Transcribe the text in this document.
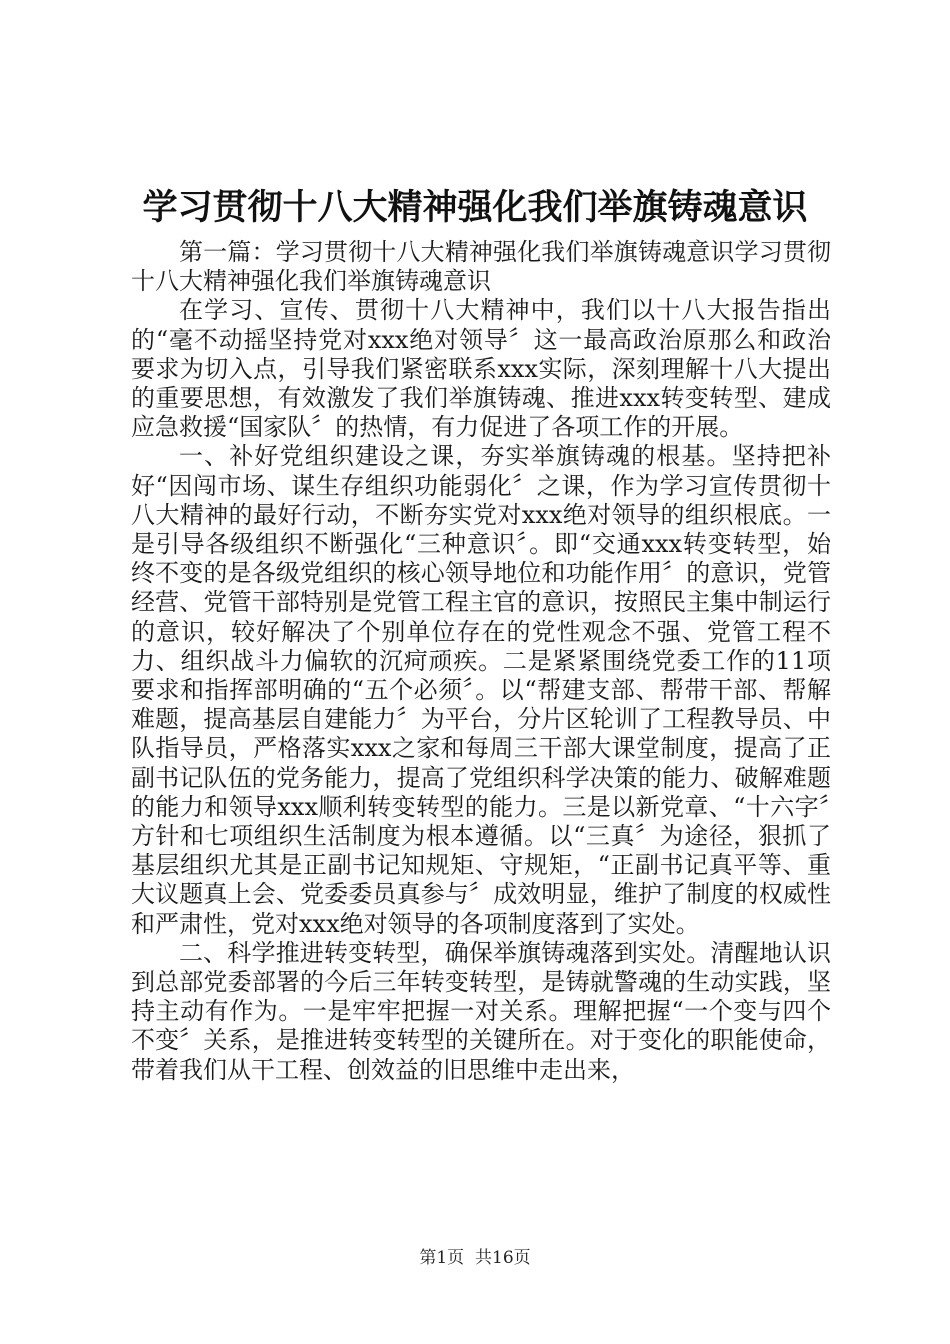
学习贯彻十八大精神强化我们举旗铸魂意识

第一篇：学习贯彻十八大精神强化我们举旗铸魂意识学习贯彻十八大精神强化我们举旗铸魂意识

在学习、宣传、贯彻十八大精神中，我们以十八大报告指出的“毫不动摇坚持党对xxx绝对领导〞这一最高政治原那么和政治要求为切入点，引导我们紧密联系xxx实际，深刻理解十八大提出的重要思想，有效激发了我们举旗铸魂、推进xxx转变转型、建成应急救援“国家队〞的热情，有力促进了各项工作的开展。

一、补好党组织建设之课，夯实举旗铸魂的根基。坚持把补好“因闯市场、谋生存组织功能弱化〞之课，作为学习宣传贯彻十八大精神的最好行动，不断夯实党对xxx绝对领导的组织根底。一是引导各级组织不断强化“三种意识〞。即“交通xxx转变转型，始终不变的是各级党组织的核心领导地位和功能作用〞的意识，党管经营、党管干部特别是党管工程主官的意识，按照民主集中制运行的意识，较好解决了个别单位存在的党性观念不强、党管工程不力、组织战斗力偏软的沉疴顽疾。二是紧紧围绕党委工作的11项要求和指挥部明确的“五个必须〞。以“帮建支部、帮带干部、帮解难题，提高基层自建能力〞为平台，分片区轮训了工程教导员、中队指导员，严格落实xxx之家和每周三干部大课堂制度，提高了正副书记队伍的党务能力，提高了党组织科学决策的能力、破解难题的能力和领导xxx顺利转变转型的能力。三是以新党章、“十六字〞方针和七项组织生活制度为根本遵循。以“三真〞为途径，狠抓了基层组织尤其是正副书记知规矩、守规矩，“正副书记真平等、重大议题真上会、党委委员真参与〞成效明显，维护了制度的权威性和严肃性，党对xxx绝对领导的各项制度落到了实处。

二、科学推进转变转型，确保举旗铸魂落到实处。清醒地认识到总部党委部署的今后三年转变转型，是铸就警魂的生动实践，坚持主动有作为。一是牢牢把握一对关系。理解把握“一个变与四个不变〞关系，是推进转变转型的关键所在。对于变化的职能使命，带着我们从干工程、创效益的旧思维中走出来，

第1页 共16页
